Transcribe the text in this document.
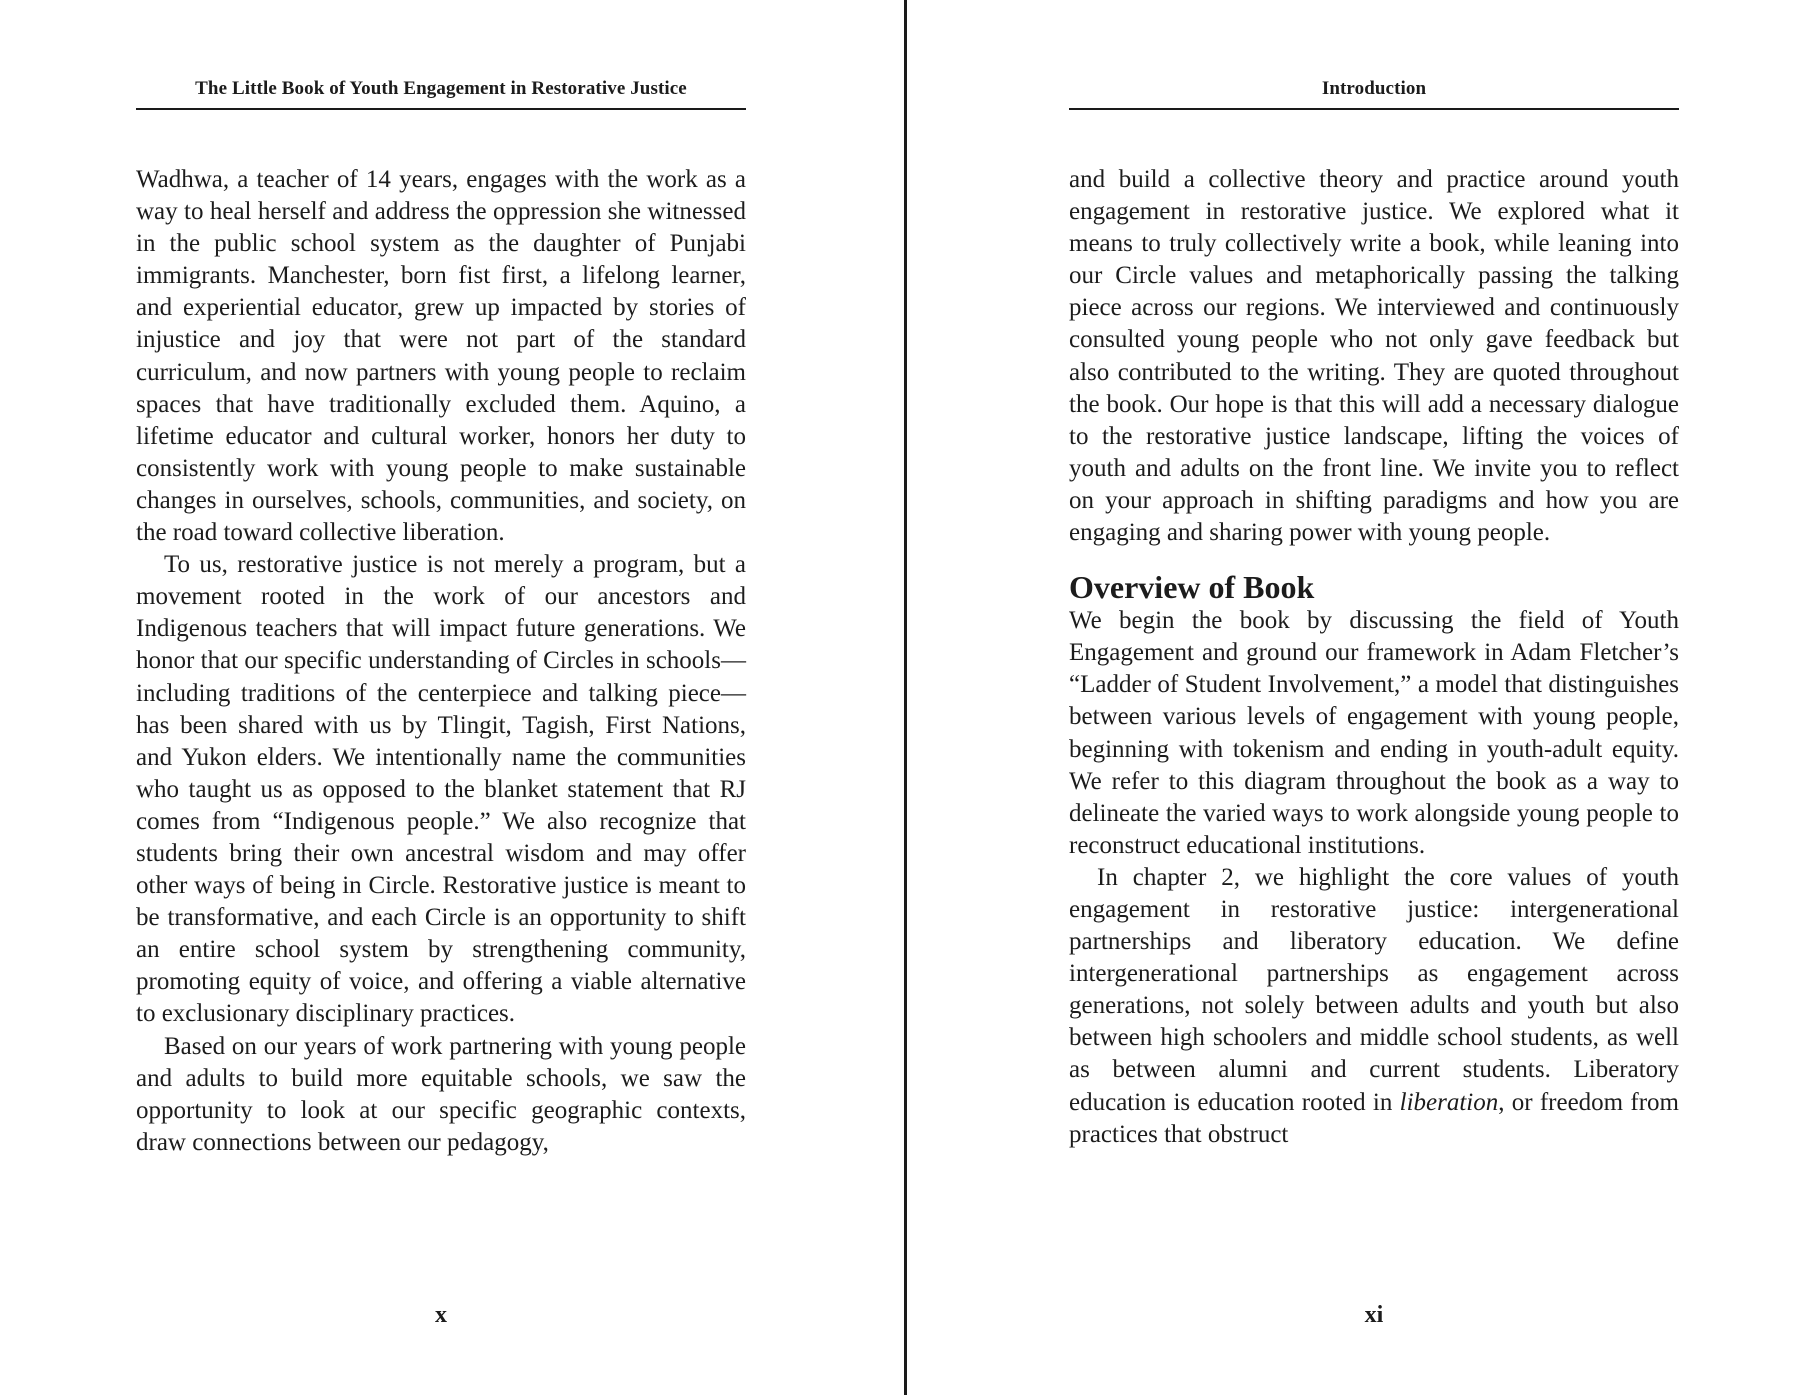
The Little Book of Youth Engagement in Restorative Justice

Wadhwa, a teacher of 14 years, engages with the work as a way to heal herself and address the oppression she witnessed in the public school system as the daughter of Punjabi immigrants. Manchester, born fist first, a lifelong learner, and experiential educator, grew up impacted by stories of injustice and joy that were not part of the standard curriculum, and now partners with young people to reclaim spaces that have traditionally excluded them. Aquino, a lifetime educator and cultural worker, honors her duty to consistently work with young people to make sustainable changes in ourselves, schools, communities, and society, on the road toward collective liberation.

To us, restorative justice is not merely a program, but a movement rooted in the work of our ancestors and Indigenous teachers that will impact future generations. We honor that our specific understanding of Circles in schools—including traditions of the centerpiece and talking piece—has been shared with us by Tlingit, Tagish, First Nations, and Yukon elders. We intentionally name the communities who taught us as opposed to the blanket statement that RJ comes from “Indigenous people.” We also recognize that students bring their own ancestral wisdom and may offer other ways of being in Circle. Restorative justice is meant to be transformative, and each Circle is an opportunity to shift an entire school system by strengthening community, promoting equity of voice, and offering a viable alternative to exclusionary disciplinary practices.

Based on our years of work partnering with young people and adults to build more equitable schools, we saw the opportunity to look at our specific geographic contexts, draw connections between our pedagogy,

x
Introduction

and build a collective theory and practice around youth engagement in restorative justice. We explored what it means to truly collectively write a book, while leaning into our Circle values and metaphorically passing the talking piece across our regions. We interviewed and continuously consulted young people who not only gave feedback but also contributed to the writing. They are quoted throughout the book. Our hope is that this will add a necessary dialogue to the restorative justice landscape, lifting the voices of youth and adults on the front line. We invite you to reflect on your approach in shifting paradigms and how you are engaging and sharing power with young people.

Overview of Book

We begin the book by discussing the field of Youth Engagement and ground our framework in Adam Fletcher’s “Ladder of Student Involvement,” a model that distinguishes between various levels of engagement with young people, beginning with tokenism and ending in youth-adult equity. We refer to this diagram throughout the book as a way to delineate the varied ways to work alongside young people to reconstruct educational institutions.

In chapter 2, we highlight the core values of youth engagement in restorative justice: intergenerational partnerships and liberatory education. We define intergenerational partnerships as engagement across generations, not solely between adults and youth but also between high schoolers and middle school students, as well as between alumni and current students. Liberatory education is education rooted in liberation, or freedom from practices that obstruct

xi
